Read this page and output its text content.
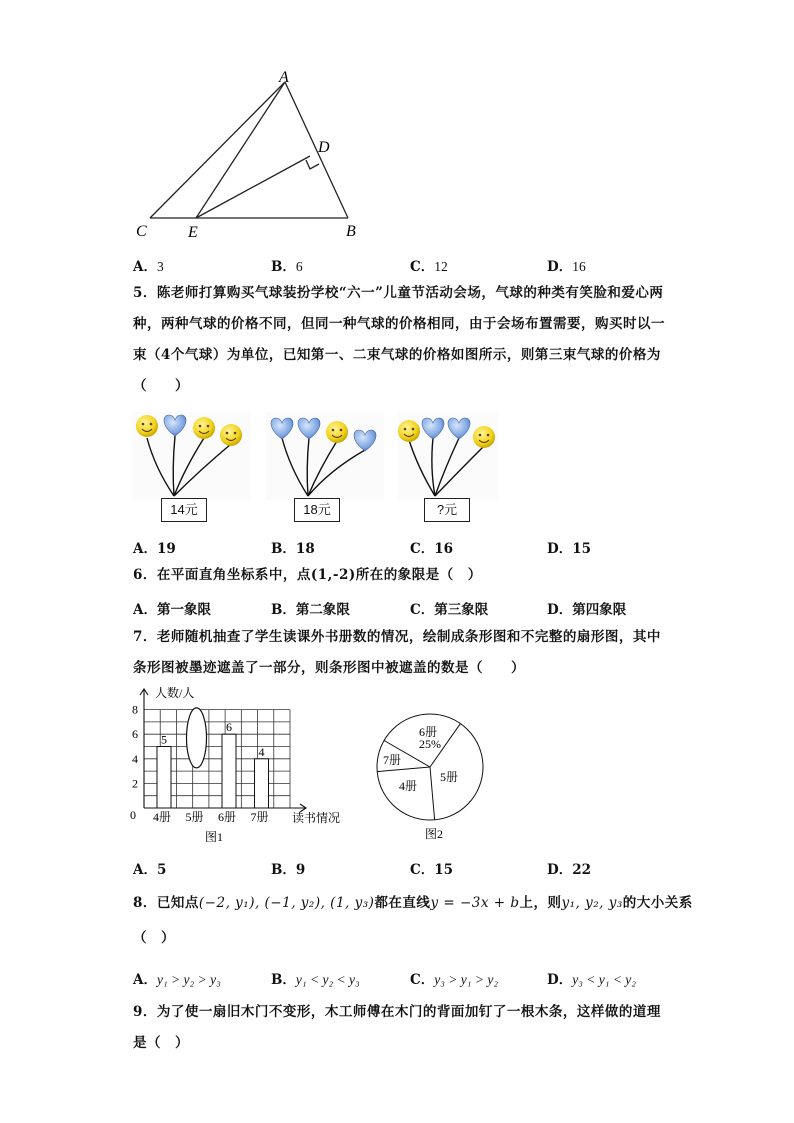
A
D
C	E	B
A．3	B．6	C．12	D．16
5．陈老师打算购买气球装扮学校“六一”儿童节活动会场，气球的种类有笑脸和爱心两
种，两种气球的价格不同，但同一种气球的价格相同，由于会场布置需要，购买时以一
束（4个气球）为单位，已知第一、二束气球的价格如图所示，则第三束气球的价格为
（　　）
14元	18元	?元
A．19	B．18	C．16	D．15
6．在平面直角坐标系中，点(1,-2)所在的象限是（　）
A．第一象限	B．第二象限	C．第三象限	D．第四象限
7．老师随机抽查了学生读课外书册数的情况，绘制成条形图和不完整的扇形图，其中
条形图被墨迹遮盖了一部分，则条形图中被遮盖的数是（　　）
0
2
4
6
8
5
4册 5册
6
6册
4
7册
人数/人
读书情况
图1
6册
25%
7册
5册
4册
图2
A．5	B．9	C．15	D．22
8．已知点(−2, y₁), (−1, y₂), (1, y₃)都在直线y = −3x + b上，则y₁, y₂, y₃的大小关系
（　）
A．y₁ > y₂ > y₃	B．y₁ < y₂ < y₃	C．y₃ > y₁ > y₂	D．y₃ < y₁ < y₂
9．为了使一扇旧木门不变形，木工师傅在木门的背面加钉了一根木条，这样做的道理
是（　）
